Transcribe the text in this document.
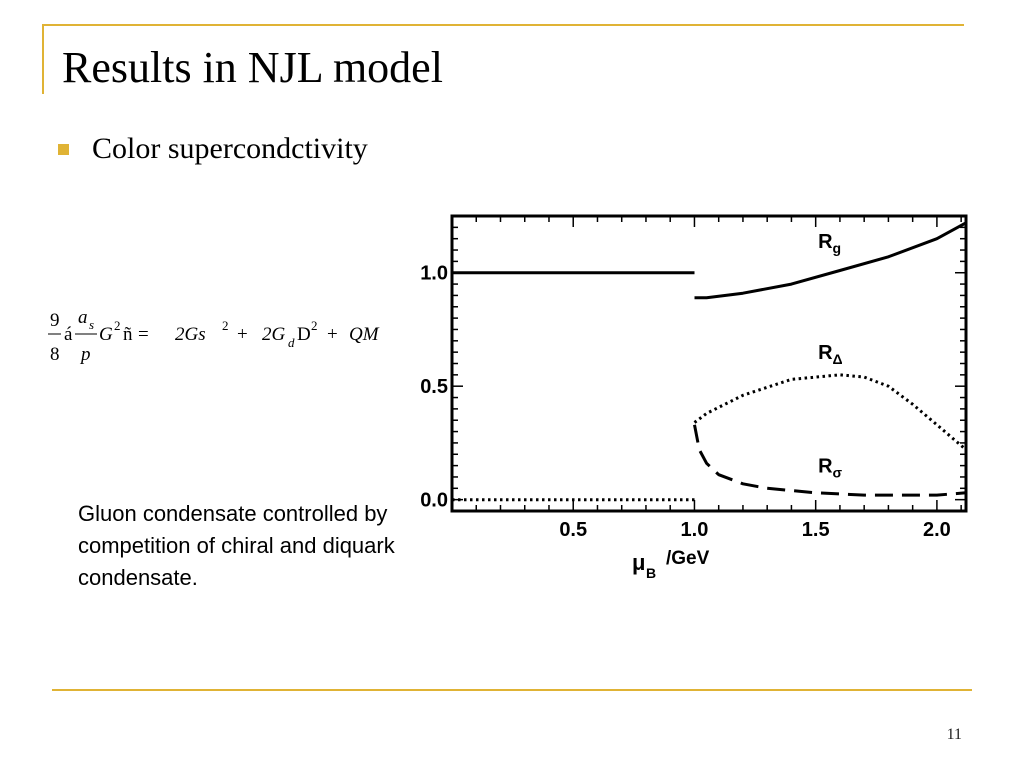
Results in NJL model
Color supercondctivity
9
8
á
a s
p
G 2 ñ = 2Gs 2 + 2G d D 2 + QM
Gluon condensate controlled by competition of chiral and diquark condensate.
0.5	1.0	1.5	2.0
0.0
0.5
1.0
$R_g$
$R_\Delta$
$R_\sigma$
μ B
/GeV
11
